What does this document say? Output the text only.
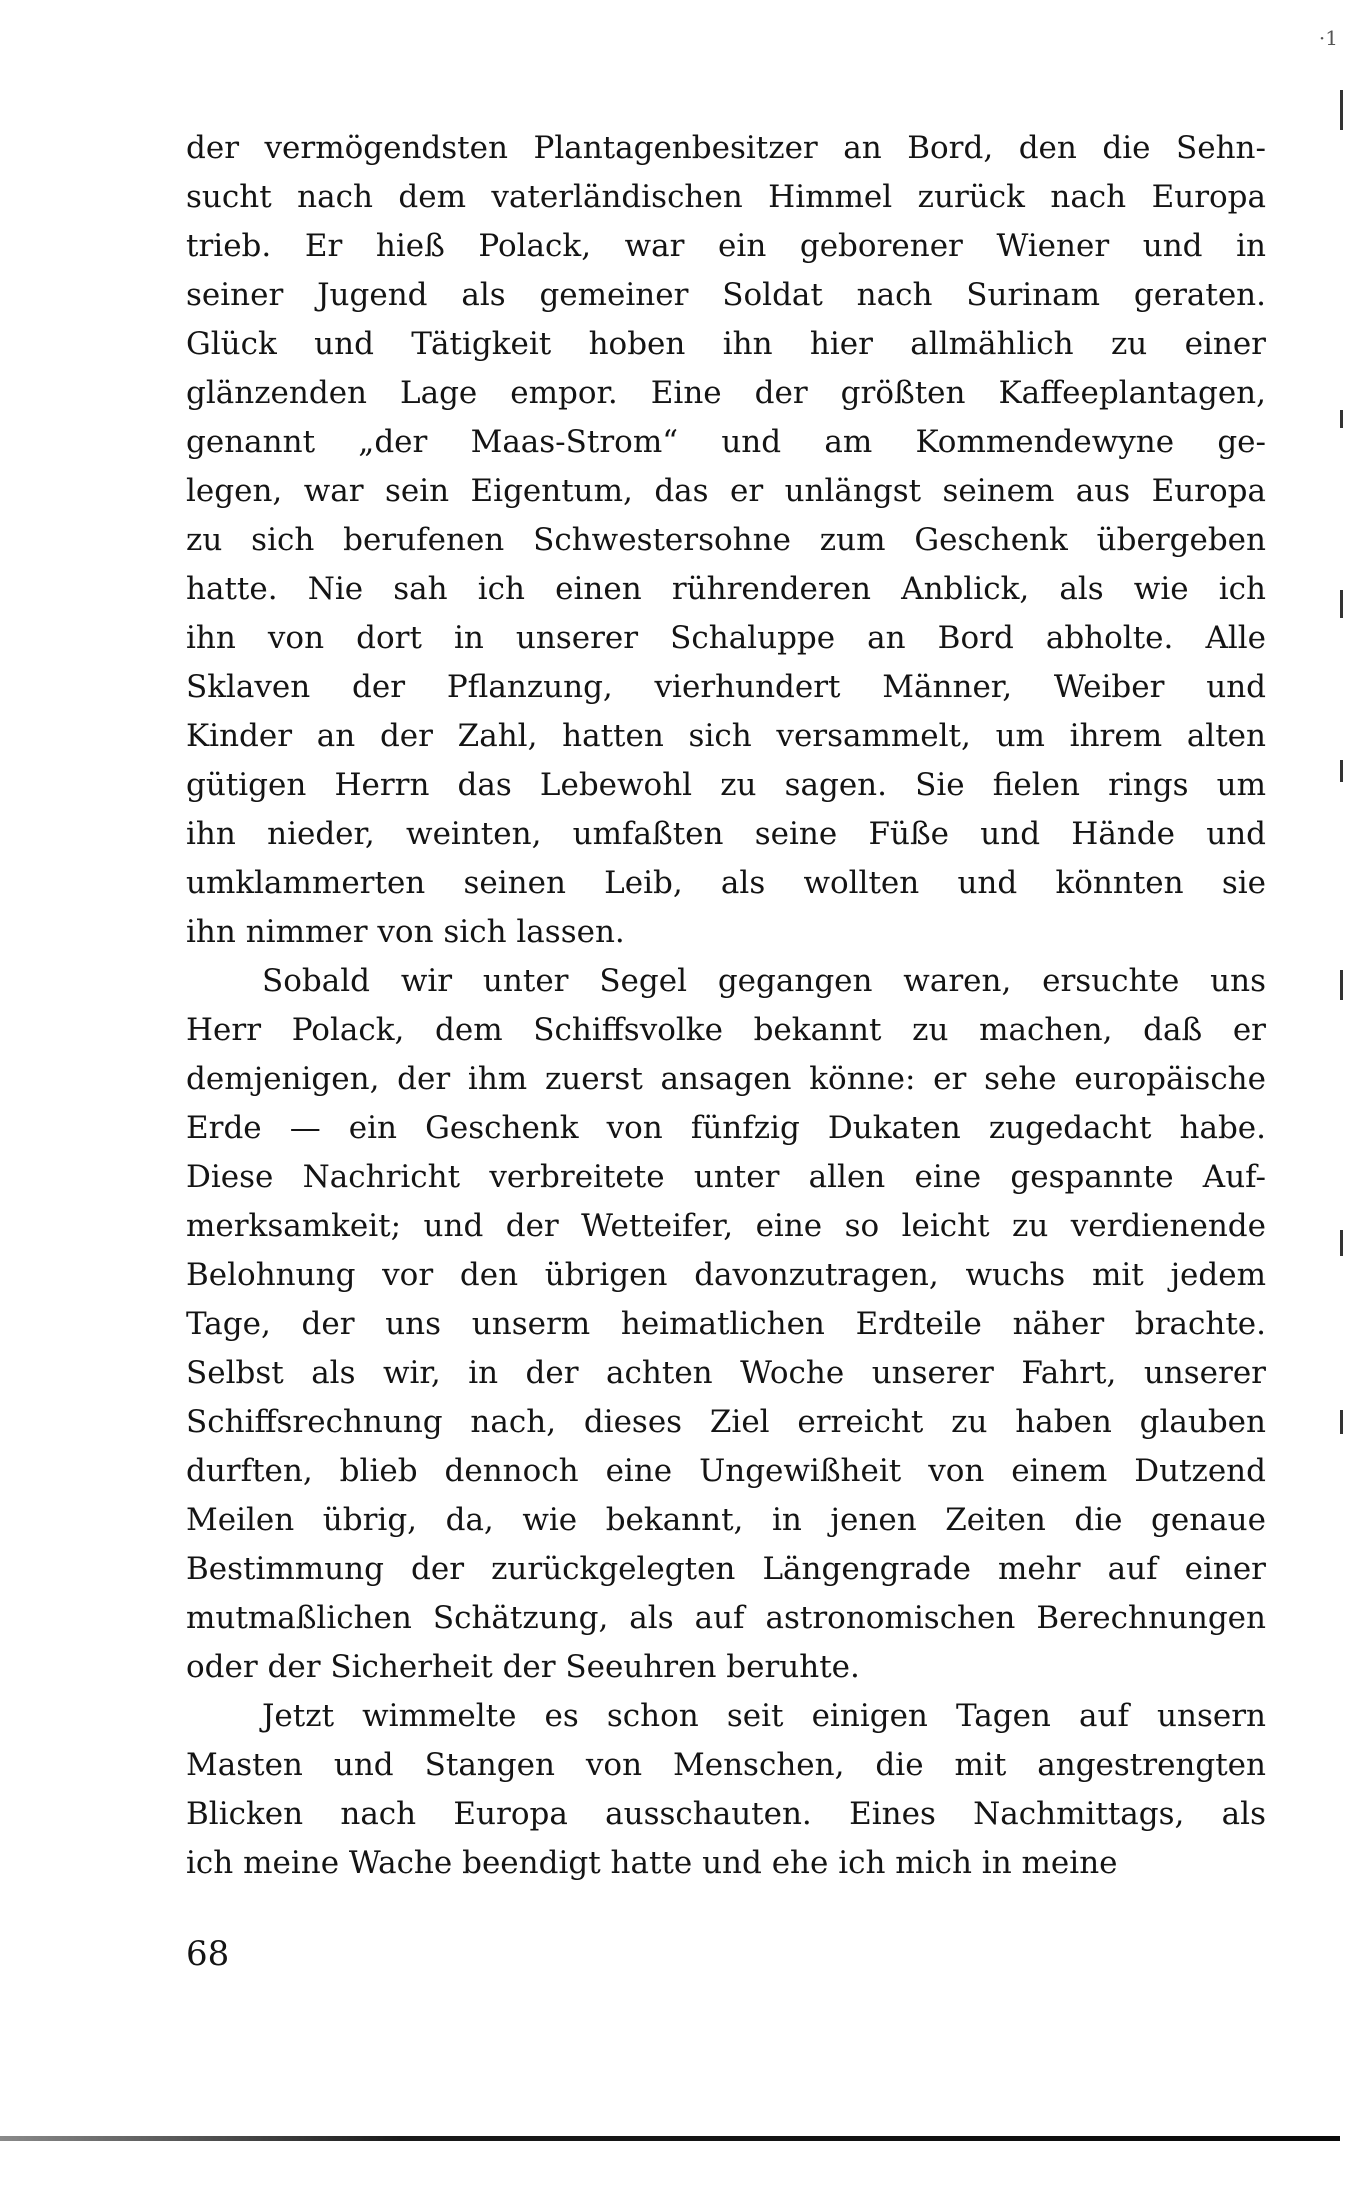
·1
der vermögendsten Plantagenbesitzer an Bord, den die Sehn-
sucht nach dem vaterländischen Himmel zurück nach Europa
trieb. Er hieß Polack, war ein geborener Wiener und in
seiner Jugend als gemeiner Soldat nach Surinam geraten.
Glück und Tätigkeit hoben ihn hier allmählich zu einer
glänzenden Lage empor. Eine der größten Kaffeeplantagen,
genannt „der Maas-Strom“ und am Kommendewyne ge-
legen, war sein Eigentum, das er unlängst seinem aus Europa
zu sich berufenen Schwestersohne zum Geschenk übergeben
hatte. Nie sah ich einen rührenderen Anblick, als wie ich
ihn von dort in unserer Schaluppe an Bord abholte. Alle
Sklaven der Pflanzung, vierhundert Männer, Weiber und
Kinder an der Zahl, hatten sich versammelt, um ihrem alten
gütigen Herrn das Lebewohl zu sagen. Sie fielen rings um
ihn nieder, weinten, umfaßten seine Füße und Hände und
umklammerten seinen Leib, als wollten und könnten sie
ihn nimmer von sich lassen.
Sobald wir unter Segel gegangen waren, ersuchte uns
Herr Polack, dem Schiffsvolke bekannt zu machen, daß er
demjenigen, der ihm zuerst ansagen könne: er sehe europäische
Erde — ein Geschenk von fünfzig Dukaten zugedacht habe.
Diese Nachricht verbreitete unter allen eine gespannte Auf-
merksamkeit; und der Wetteifer, eine so leicht zu verdienende
Belohnung vor den übrigen davonzutragen, wuchs mit jedem
Tage, der uns unserm heimatlichen Erdteile näher brachte.
Selbst als wir, in der achten Woche unserer Fahrt, unserer
Schiffsrechnung nach, dieses Ziel erreicht zu haben glauben
durften, blieb dennoch eine Ungewißheit von einem Dutzend
Meilen übrig, da, wie bekannt, in jenen Zeiten die genaue
Bestimmung der zurückgelegten Längengrade mehr auf einer
mutmaßlichen Schätzung, als auf astronomischen Berechnungen
oder der Sicherheit der Seeuhren beruhte.
Jetzt wimmelte es schon seit einigen Tagen auf unsern
Masten und Stangen von Menschen, die mit angestrengten
Blicken nach Europa ausschauten. Eines Nachmittags, als
ich meine Wache beendigt hatte und ehe ich mich in meine
68
